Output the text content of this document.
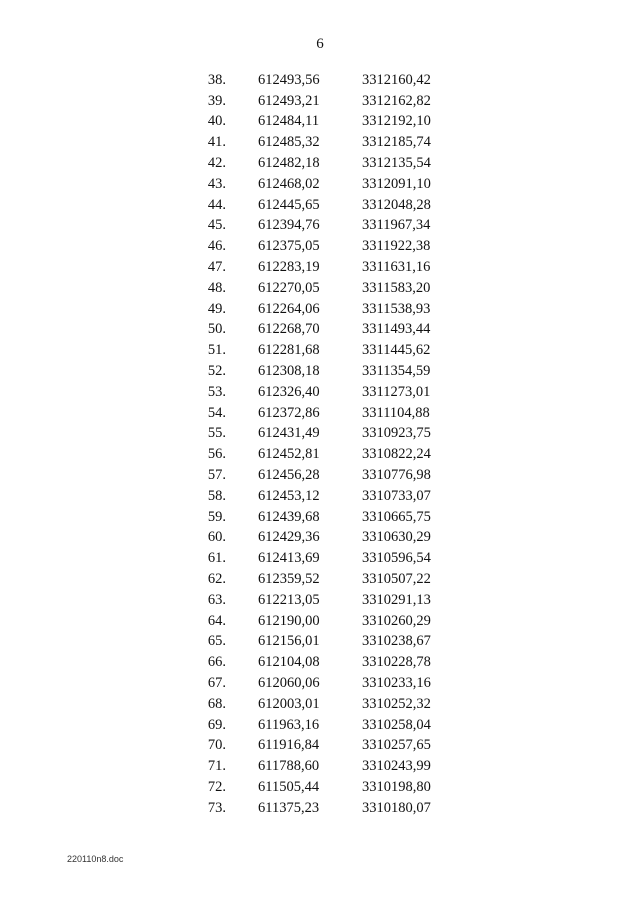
6
38. 612493,56	3312160,42
39. 612493,21	3312162,82
40. 612484,11	3312192,10
41. 612485,32	3312185,74
42. 612482,18	3312135,54
43. 612468,02	3312091,10
44. 612445,65	3312048,28
45. 612394,76	3311967,34
46. 612375,05	3311922,38
47. 612283,19	3311631,16
48. 612270,05	3311583,20
49. 612264,06	3311538,93
50. 612268,70	3311493,44
51. 612281,68	3311445,62
52. 612308,18	3311354,59
53. 612326,40	3311273,01
54. 612372,86	3311104,88
55. 612431,49	3310923,75
56. 612452,81	3310822,24
57. 612456,28	3310776,98
58. 612453,12	3310733,07
59. 612439,68	3310665,75
60. 612429,36	3310630,29
61. 612413,69	3310596,54
62. 612359,52	3310507,22
63. 612213,05	3310291,13
64. 612190,00	3310260,29
65. 612156,01	3310238,67
66. 612104,08	3310228,78
67. 612060,06	3310233,16
68. 612003,01	3310252,32
69. 611963,16	3310258,04
70. 611916,84	3310257,65
71. 611788,60	3310243,99
72. 611505,44	3310198,80
73. 611375,23	3310180,07
220110n8.doc
